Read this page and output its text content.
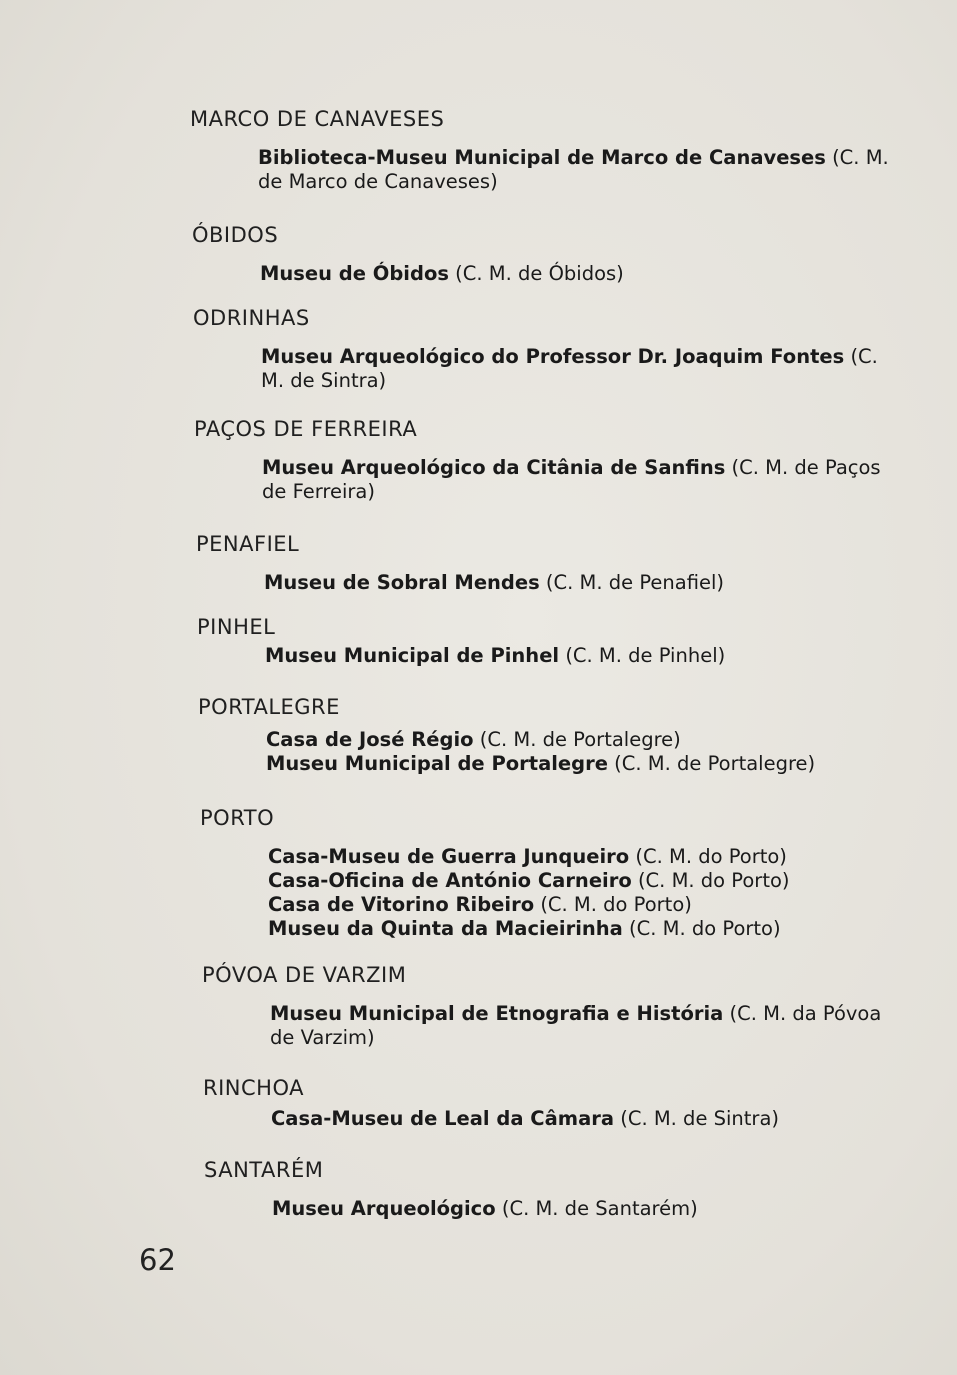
MARCO DE CANAVESES
Biblioteca-Museu Municipal de Marco de Canaveses (C. M. de Marco de Canaveses)
ÓBIDOS
Museu de Óbidos (C. M. de Óbidos)
ODRINHAS
Museu Arqueológico do Professor Dr. Joaquim Fontes (C. M. de Sintra)
PAÇOS DE FERREIRA
Museu Arqueológico da Citânia de Sanfins (C. M. de Paços de Ferreira)
PENAFIEL
Museu de Sobral Mendes (C. M. de Penafiel)
PINHEL
Museu Municipal de Pinhel (C. M. de Pinhel)
PORTALEGRE
Casa de José Régio (C. M. de Portalegre)
Museu Municipal de Portalegre (C. M. de Portalegre)
PORTO
Casa-Museu de Guerra Junqueiro (C. M. do Porto)
Casa-Oficina de António Carneiro (C. M. do Porto)
Casa de Vitorino Ribeiro (C. M. do Porto)
Museu da Quinta da Macieirinha (C. M. do Porto)
PÓVOA DE VARZIM
Museu Municipal de Etnografia e História (C. M. da Póvoa de Varzim)
RINCHOA
Casa-Museu de Leal da Câmara (C. M. de Sintra)
SANTARÉM
Museu Arqueológico (C. M. de Santarém)
62
